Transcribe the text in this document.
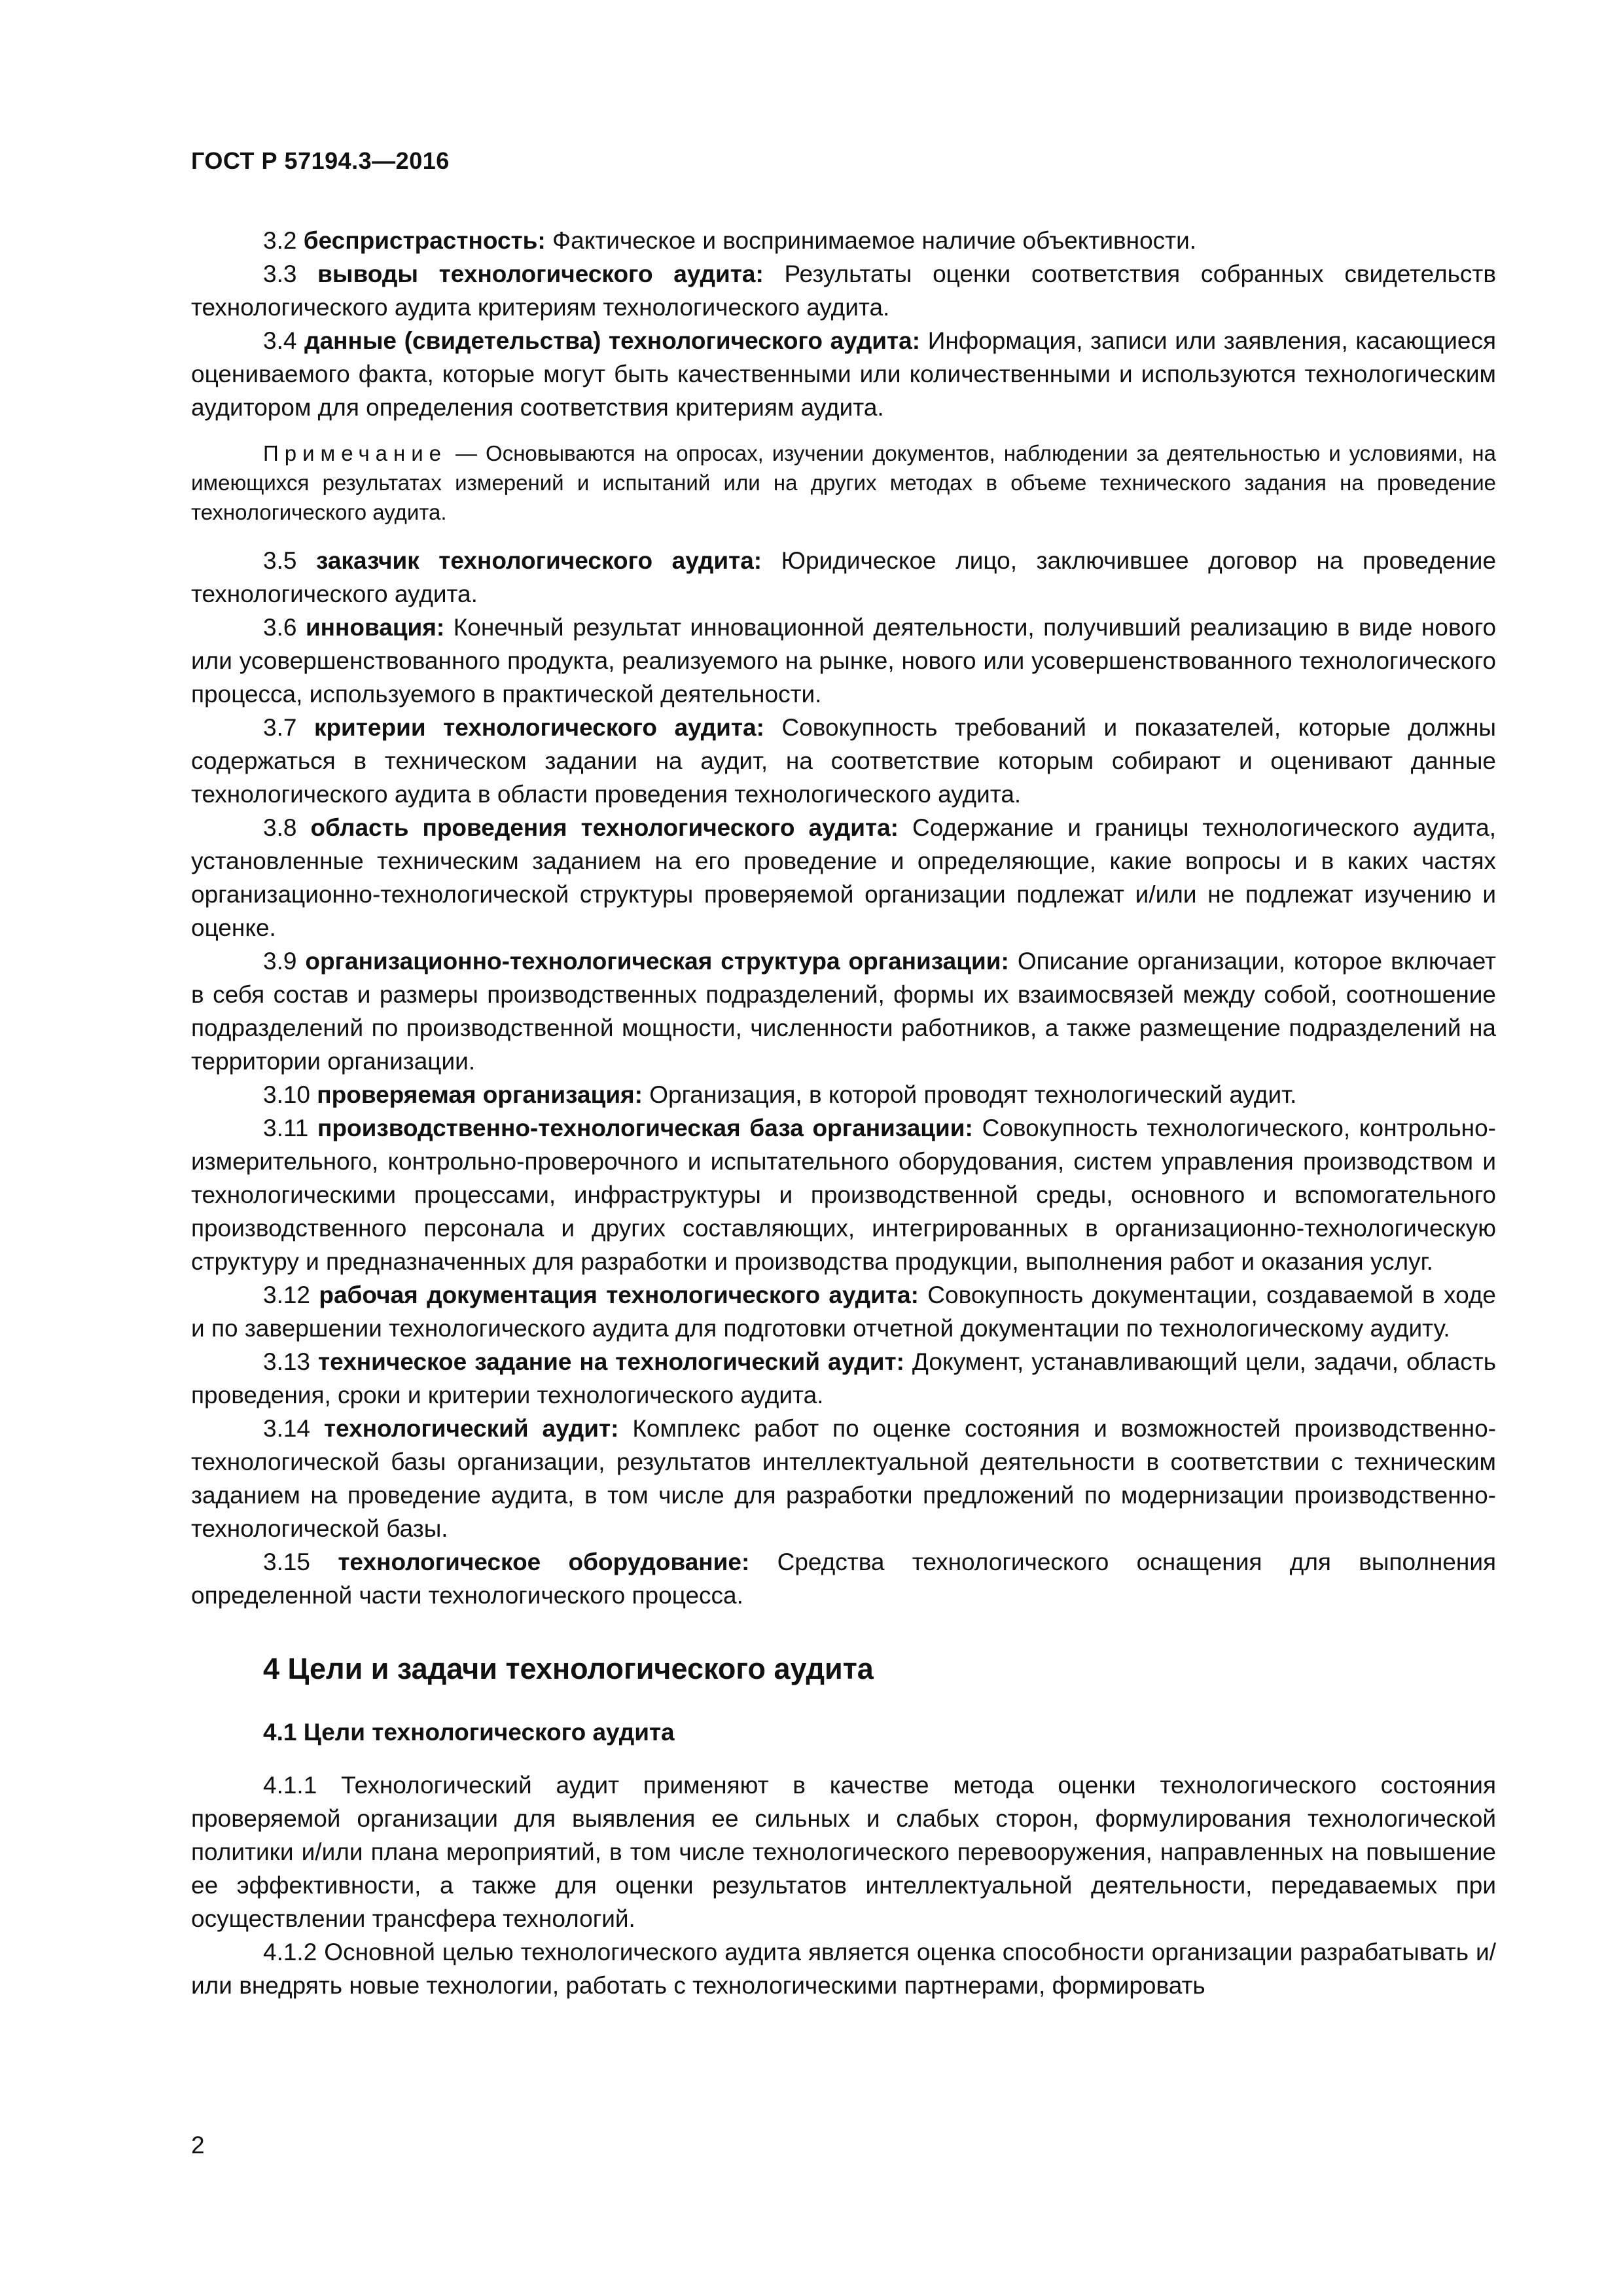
ГОСТ Р 57194.3—2016

3.2 беспристрастность: Фактическое и воспринимаемое наличие объективности.

3.3 выводы технологического аудита: Результаты оценки соответствия собранных свидетельств технологического аудита критериям технологического аудита.

3.4 данные (свидетельства) технологического аудита: Информация, записи или заявления, касающиеся оцениваемого факта, которые могут быть качественными или количественными и используются технологическим аудитором для определения соответствия критериям аудита.

Примечание — Основываются на опросах, изучении документов, наблюдении за деятельностью и условиями, на имеющихся результатах измерений и испытаний или на других методах в объеме технического задания на проведение технологического аудита.

3.5 заказчик технологического аудита: Юридическое лицо, заключившее договор на проведение технологического аудита.

3.6 инновация: Конечный результат инновационной деятельности, получивший реализацию в виде нового или усовершенствованного продукта, реализуемого на рынке, нового или усовершенствованного технологического процесса, используемого в практической деятельности.

3.7 критерии технологического аудита: Совокупность требований и показателей, которые должны содержаться в техническом задании на аудит, на соответствие которым собирают и оценивают данные технологического аудита в области проведения технологического аудита.

3.8 область проведения технологического аудита: Содержание и границы технологического аудита, установленные техническим заданием на его проведение и определяющие, какие вопросы и в каких частях организационно-технологической структуры проверяемой организации подлежат и/или не подлежат изучению и оценке.

3.9 организационно-технологическая структура организации: Описание организации, которое включает в себя состав и размеры производственных подразделений, формы их взаимосвязей между собой, соотношение подразделений по производственной мощности, численности работников, а также размещение подразделений на территории организации.

3.10 проверяемая организация: Организация, в которой проводят технологический аудит.

3.11 производственно-технологическая база организации: Совокупность технологического, контрольно-измерительного, контрольно-проверочного и испытательного оборудования, систем управления производством и технологическими процессами, инфраструктуры и производственной среды, основного и вспомогательного производственного персонала и других составляющих, интегрированных в организационно-технологическую структуру и предназначенных для разработки и производства продукции, выполнения работ и оказания услуг.

3.12 рабочая документация технологического аудита: Совокупность документации, создаваемой в ходе и по завершении технологического аудита для подготовки отчетной документации по технологическому аудиту.

3.13 техническое задание на технологический аудит: Документ, устанавливающий цели, задачи, область проведения, сроки и критерии технологического аудита.

3.14 технологический аудит: Комплекс работ по оценке состояния и возможностей производственно-технологической базы организации, результатов интеллектуальной деятельности в соответствии с техническим заданием на проведение аудита, в том числе для разработки предложений по модернизации производственно-технологической базы.

3.15 технологическое оборудование: Средства технологического оснащения для выполнения определенной части технологического процесса.

4 Цели и задачи технологического аудита
4.1 Цели технологического аудита

4.1.1 Технологический аудит применяют в качестве метода оценки технологического состояния проверяемой организации для выявления ее сильных и слабых сторон, формулирования технологической политики и/или плана мероприятий, в том числе технологического перевооружения, направленных на повышение ее эффективности, а также для оценки результатов интеллектуальной деятельности, передаваемых при осуществлении трансфера технологий.

4.1.2 Основной целью технологического аудита является оценка способности организации разрабатывать и/или внедрять новые технологии, работать с технологическими партнерами, формировать

2
